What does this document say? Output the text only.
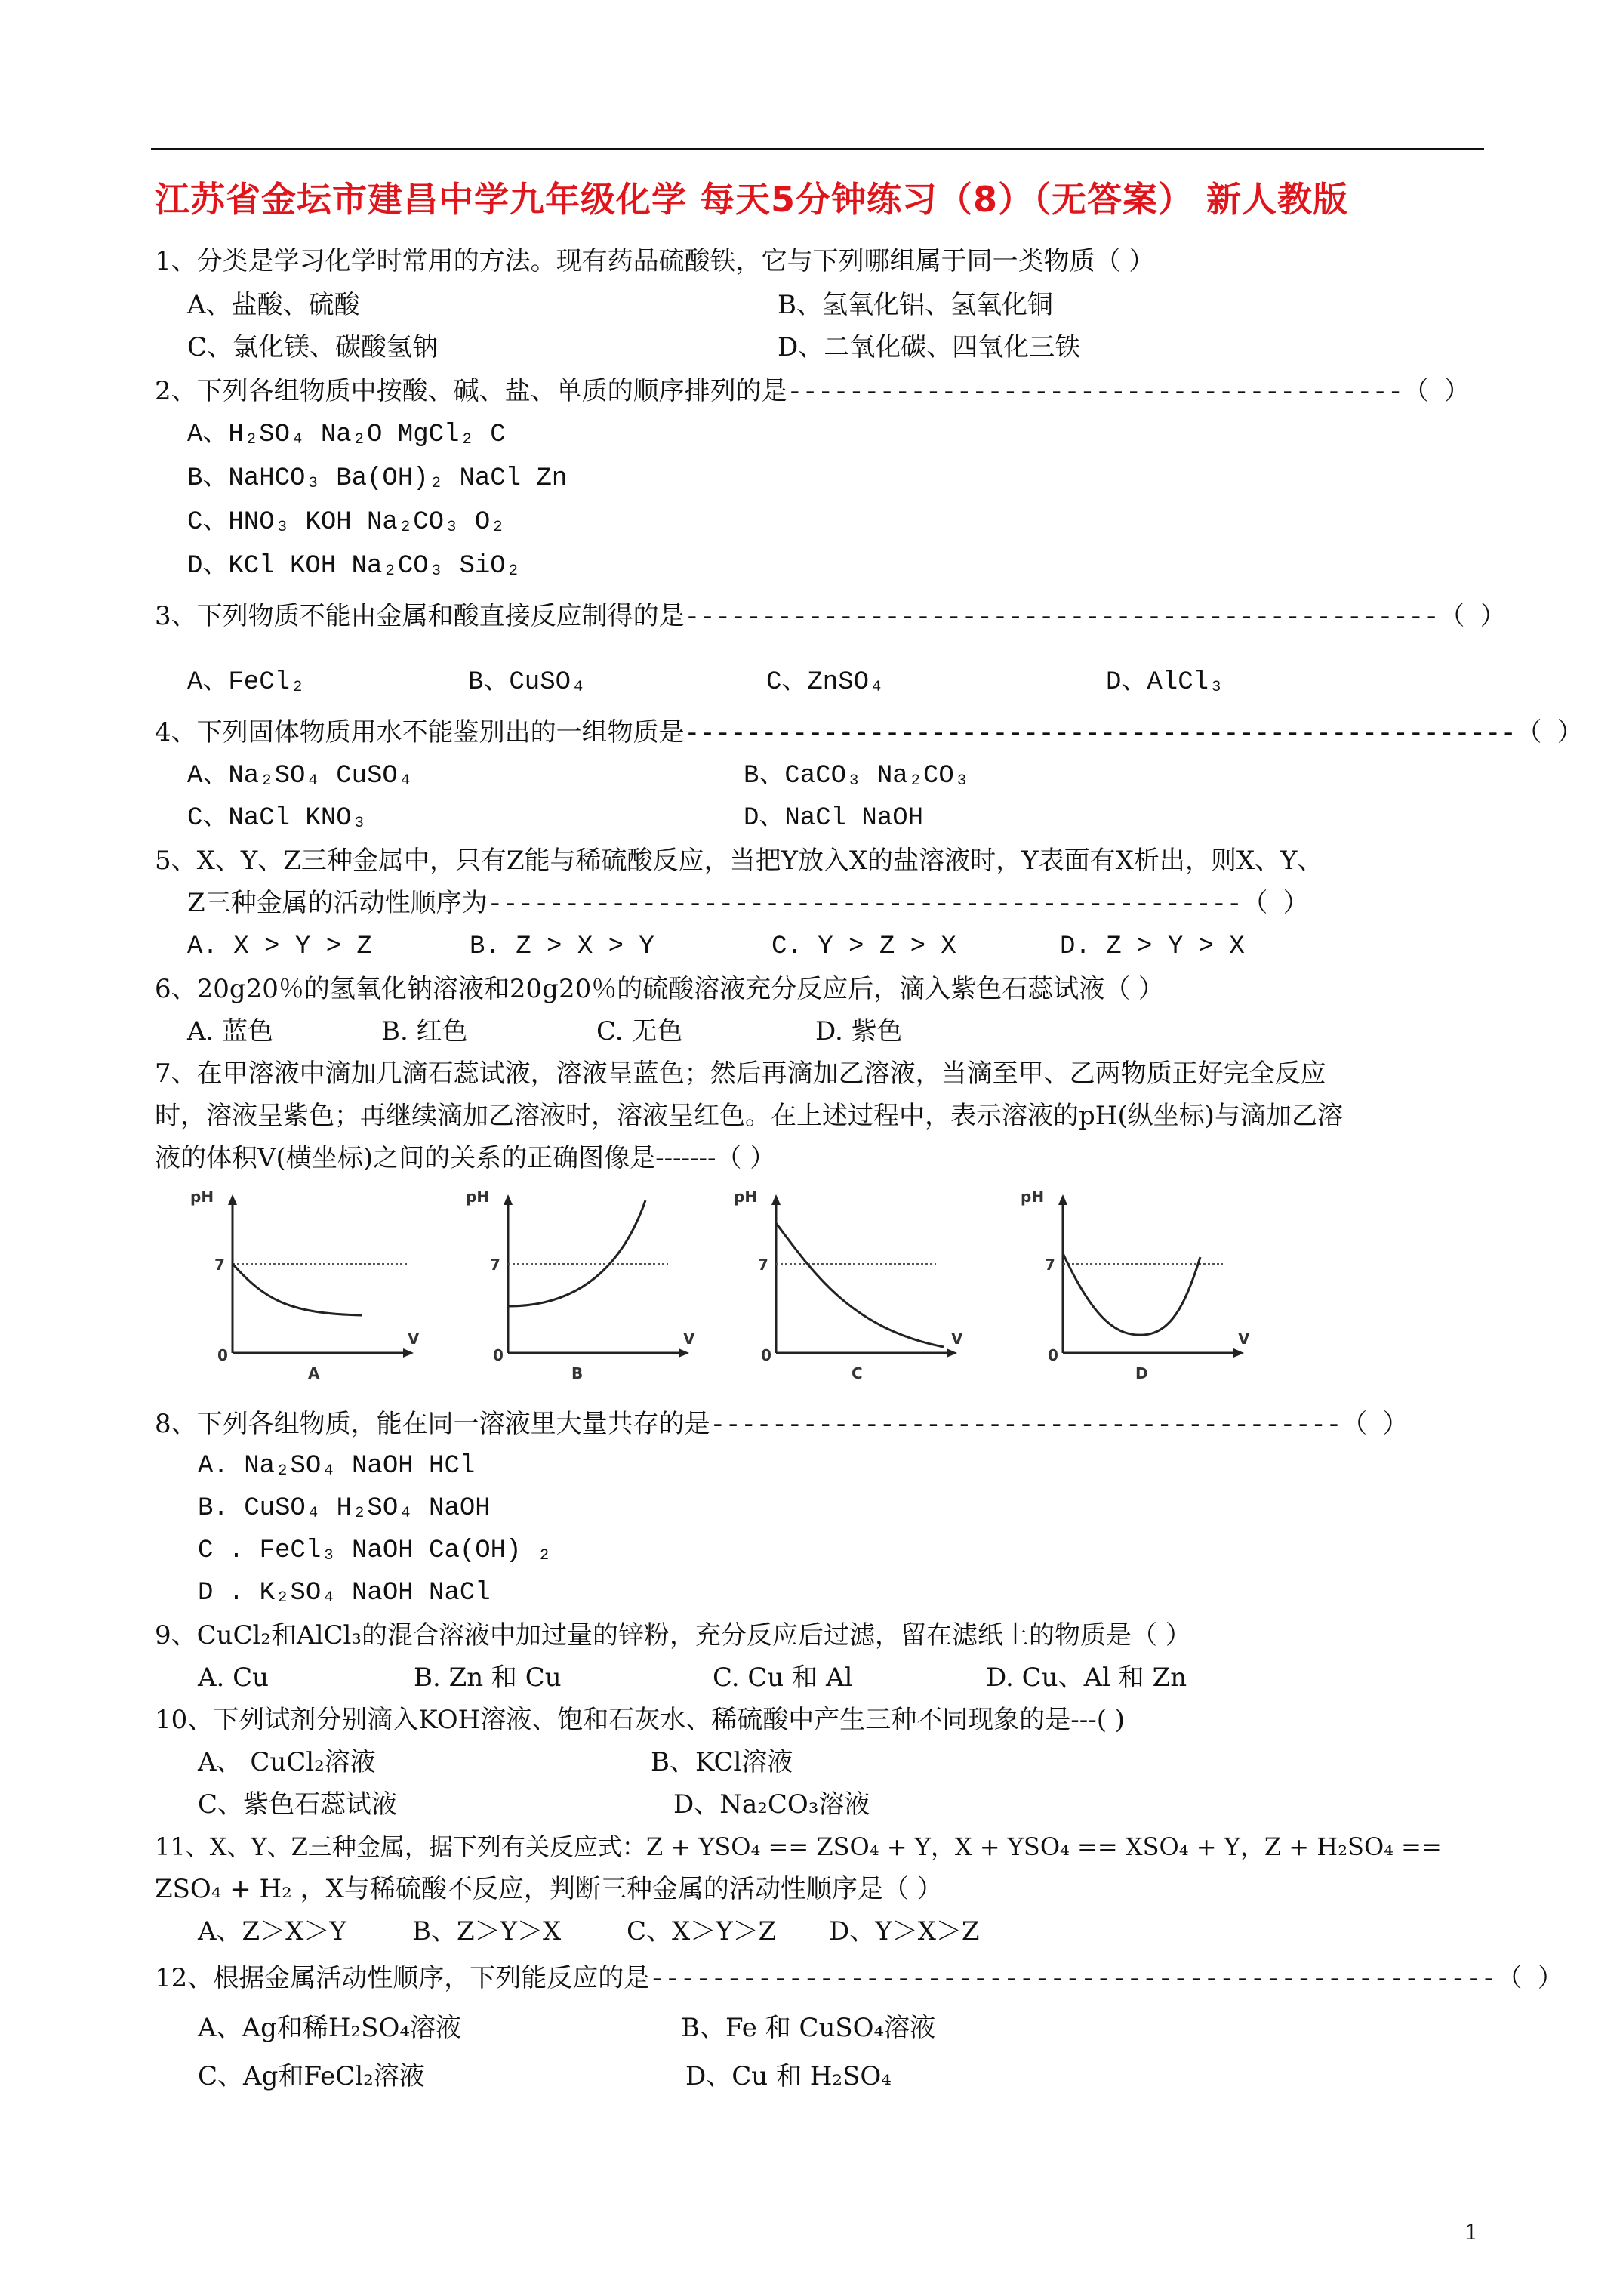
江苏省金坛市建昌中学九年级化学 每天5分钟练习（8）（无答案） 新人教版
1、分类是学习化学时常用的方法。现有药品硫酸铁，它与下列哪组属于同一类物质（ ）
A、盐酸、硫酸	B、氢氧化铝、氢氧化铜
C、氯化镁、碳酸氢钠	D、二氧化碳、四氧化三铁
2、下列各组物质中按酸、碱、盐、单质的顺序排列的是----------------------------------------（ ）
A、H₂SO₄ Na₂O MgCl₂ C
B、NaHCO₃ Ba(OH)₂ NaCl Zn
C、HNO₃ KOH Na₂CO₃ O₂
D、KCl KOH Na₂CO₃ SiO₂
3、下列物质不能由金属和酸直接反应制得的是-------------------------------------------------（ ）
A、FeCl₂	B、CuSO₄	C、ZnSO₄	D、AlCl₃
4、下列固体物质用水不能鉴别出的一组物质是------------------------------------------------------（ ）
A、Na₂SO₄ CuSO₄	B、CaCO₃ Na₂CO₃
C、NaCl KNO₃	D、NaCl NaOH
5、X、Y、Z三种金属中，只有Z能与稀硫酸反应，当把Y放入X的盐溶液时，Y表面有X析出，则X、Y、
Z三种金属的活动性顺序为-------------------------------------------------（ ）
A. X > Y > Z	B. Z > X > Y	C. Y > Z > X	D. Z > Y > X
6、20g20％的氢氧化钠溶液和20g20％的硫酸溶液充分反应后，滴入紫色石蕊试液（ ）
A. 蓝色	B. 红色	C. 无色	D. 紫色
7、在甲溶液中滴加几滴石蕊试液，溶液呈蓝色；然后再滴加乙溶液，当滴至甲、乙两物质正好完全反应
时，溶液呈紫色；再继续滴加乙溶液时，溶液呈红色。在上述过程中，表示溶液的pH(纵坐标)与滴加乙溶
液的体积V(横坐标)之间的关系的正确图像是-------（ ）
pH
7
0
V
A
pH
7
0
V
B
pH
7
0
V
C
pH
7
0
V
D
8、下列各组物质，能在同一溶液里大量共存的是-----------------------------------------（ ）
A. Na₂SO₄ NaOH HCl
B. CuSO₄ H₂SO₄ NaOH
C . FeCl₃ NaOH Ca(OH) ₂
D . K₂SO₄ NaOH NaCl
9、CuCl₂和AlCl₃的混合溶液中加过量的锌粉，充分反应后过滤，留在滤纸上的物质是（ ）
A. Cu	B. Zn 和 Cu	C. Cu 和 Al	D. Cu、Al 和 Zn
10、下列试剂分别滴入KOH溶液、饱和石灰水、稀硫酸中产生三种不同现象的是---( )
A、 CuCl₂溶液	B、KCl溶液
C、紫色石蕊试液	D、Na₂CO₃溶液
11、X、Y、Z三种金属，据下列有关反应式：Z + YSO₄ == ZSO₄ + Y，X + YSO₄ == XSO₄ + Y，Z + H₂SO₄ ==
ZSO₄ + H₂ ，X与稀硫酸不反应，判断三种金属的活动性顺序是（ ）
A、Z＞X＞Y	B、Z＞Y＞X	C、X＞Y＞Z D、Y＞X＞Z
12、根据金属活动性顺序，下列能反应的是-------------------------------------------------------（ ）
A、Ag和稀H₂SO₄溶液	B、Fe 和 CuSO₄溶液
C、Ag和FeCl₂溶液	D、Cu 和 H₂SO₄
1
